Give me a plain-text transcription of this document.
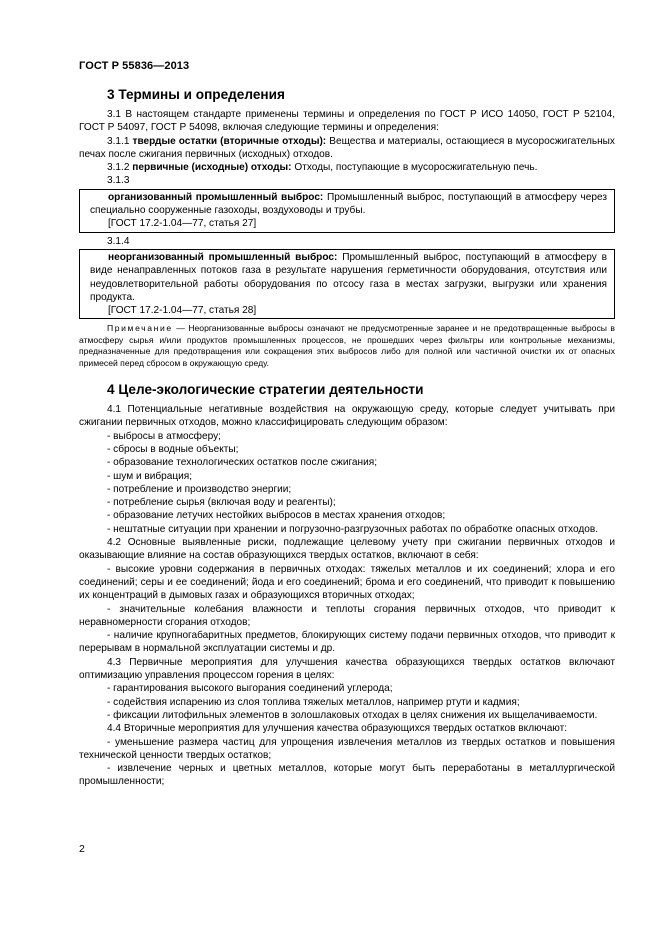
ГОСТ Р 55836—2013
3 Термины и определения

3.1 В настоящем стандарте применены термины и определения по ГОСТ Р ИСО 14050, ГОСТ Р 52104, ГОСТ Р 54097, ГОСТ Р 54098, включая следующие термины и определения:

3.1.1 твердые остатки (вторичные отходы): Вещества и материалы, остающиеся в мусоросжигательных печах после сжигания первичных (исходных) отходов.

3.1.2 первичные (исходные) отходы: Отходы, поступающие в мусоросжигательную печь.

3.1.3

организованный промышленный выброс: Промышленный выброс, поступающий в атмосферу через специально сооруженные газоходы, воздуховоды и трубы.

[ГОСТ 17.2-1.04—77, статья 27]

3.1.4

неорганизованный промышленный выброс: Промышленный выброс, поступающий в атмосферу в виде ненаправленных потоков газа в результате нарушения герметичности оборудования, отсутствия или неудовлетворительной работы оборудования по отсосу газа в местах загрузки, выгрузки или хранения продукта.

[ГОСТ 17.2-1.04—77, статья 28]

Примечание — Неорганизованные выбросы означают не предусмотренные заранее и не предотвращенные выбросы в атмосферу сырья и/или продуктов промышленных процессов, не прошедших через фильтры или контрольные механизмы, предназначенные для предотвращения или сокращения этих выбросов либо для полной или частичной очистки их от опасных примесей перед сбросом в окружающую среду.

4 Целе-экологические стратегии деятельности

4.1 Потенциальные негативные воздействия на окружающую среду, которые следует учитывать при сжигании первичных отходов, можно классифицировать следующим образом:

- выбросы в атмосферу;

- сбросы в водные объекты;

- образование технологических остатков после сжигания;

- шум и вибрация;

- потребление и производство энергии;

- потребление сырья (включая воду и реагенты);

- образование летучих нестойких выбросов в местах хранения отходов;

- нештатные ситуации при хранении и погрузочно-разгрузочных работах по обработке опасных отходов.

4.2 Основные выявленные риски, подлежащие целевому учету при сжигании первичных отходов и оказывающие влияние на состав образующихся твердых остатков, включают в себя:

- высокие уровни содержания в первичных отходах: тяжелых металлов и их соединений; хлора и его соединений; серы и ее соединений; йода и его соединений; брома и его соединений, что приводит к повышению их концентраций в дымовых газах и образующихся вторичных отходах;

- значительные колебания влажности и теплоты сгорания первичных отходов, что приводит к неравномерности сгорания отходов;

- наличие крупногабаритных предметов, блокирующих систему подачи первичных отходов, что приводит к перерывам в нормальной эксплуатации системы и др.

4.3 Первичные мероприятия для улучшения качества образующихся твердых остатков включают оптимизацию управления процессом горения в целях:

- гарантирования высокого выгорания соединений углерода;

- содействия испарению из слоя топлива тяжелых металлов, например ртути и кадмия;

- фиксации литофильных элементов в золошлаковых отходах в целях снижения их выщелачиваемости.

4.4 Вторичные мероприятия для улучшения качества образующихся твердых остатков включают:

- уменьшение размера частиц для упрощения извлечения металлов из твердых остатков и повышения технической ценности твердых остатков;

- извлечение черных и цветных металлов, которые могут быть переработаны в металлургической промышленности;

2
